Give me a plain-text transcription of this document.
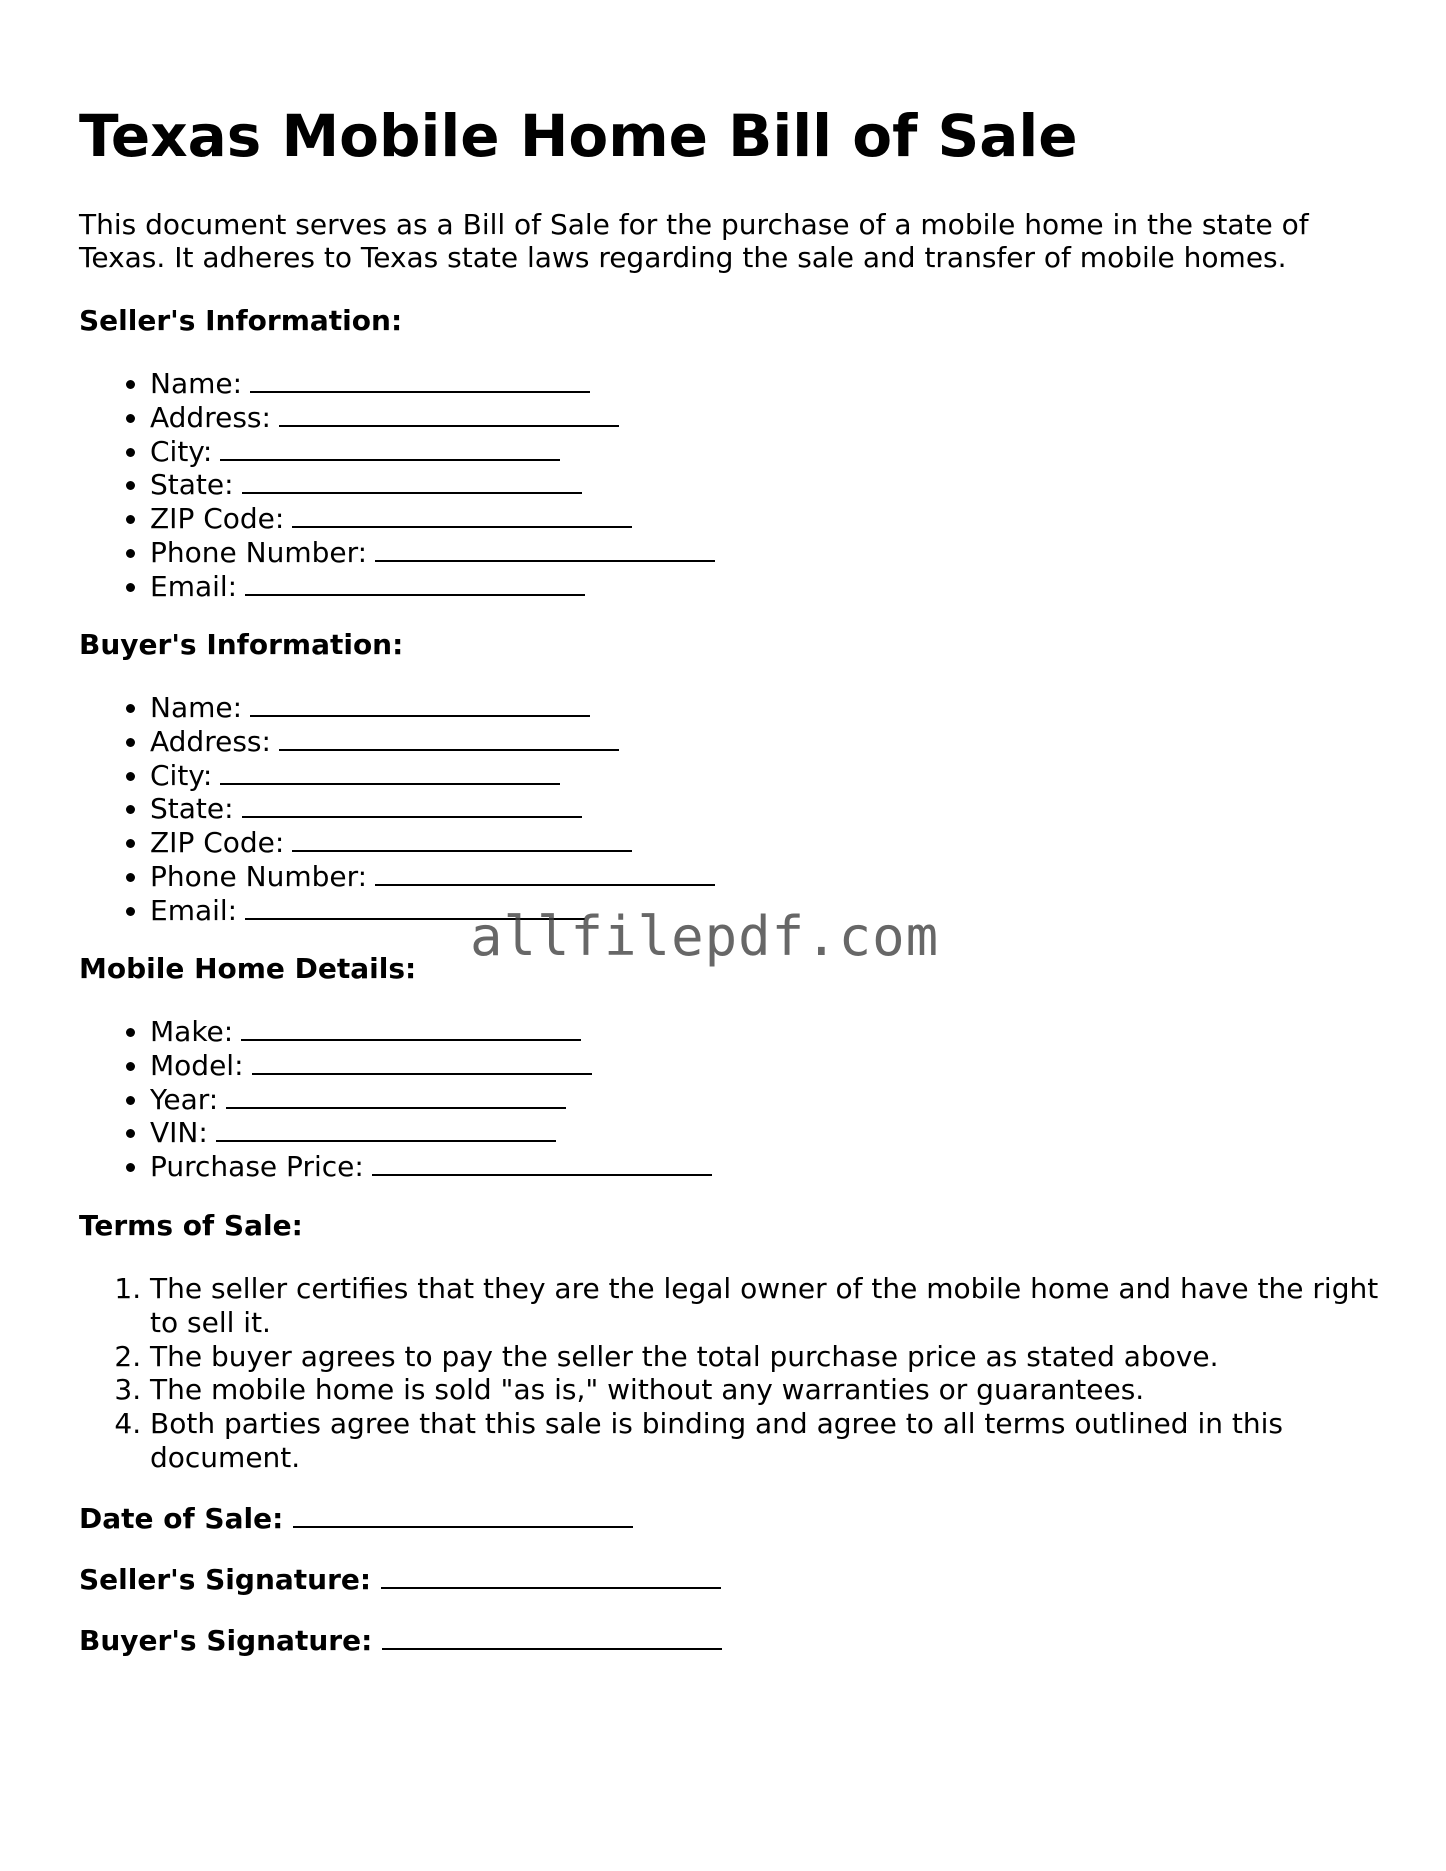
Texas Mobile Home Bill of Sale

This document serves as a Bill of Sale for the purchase of a mobile home in the state of Texas. It adheres to Texas state laws regarding the sale and transfer of mobile homes.

Seller's Information:
• Name:
• Address:
• City:
• State:
• ZIP Code:
• Phone Number:
• Email:
Buyer's Information:
• Name:
• Address:
• City:
• State:
• ZIP Code:
• Phone Number:
• Email:
Mobile Home Details:
• Make:
• Model:
• Year:
• VIN:
• Purchase Price:
Terms of Sale:
1. The seller certifies that they are the legal owner of the mobile home and have the right to sell it.
2. The buyer agrees to pay the seller the total purchase price as stated above.
3. The mobile home is sold "as is," without any warranties or guarantees.
4. Both parties agree that this sale is binding and agree to all terms outlined in this document.

Date of Sale:

Seller's Signature:

Buyer's Signature:

allfilepdf.com
